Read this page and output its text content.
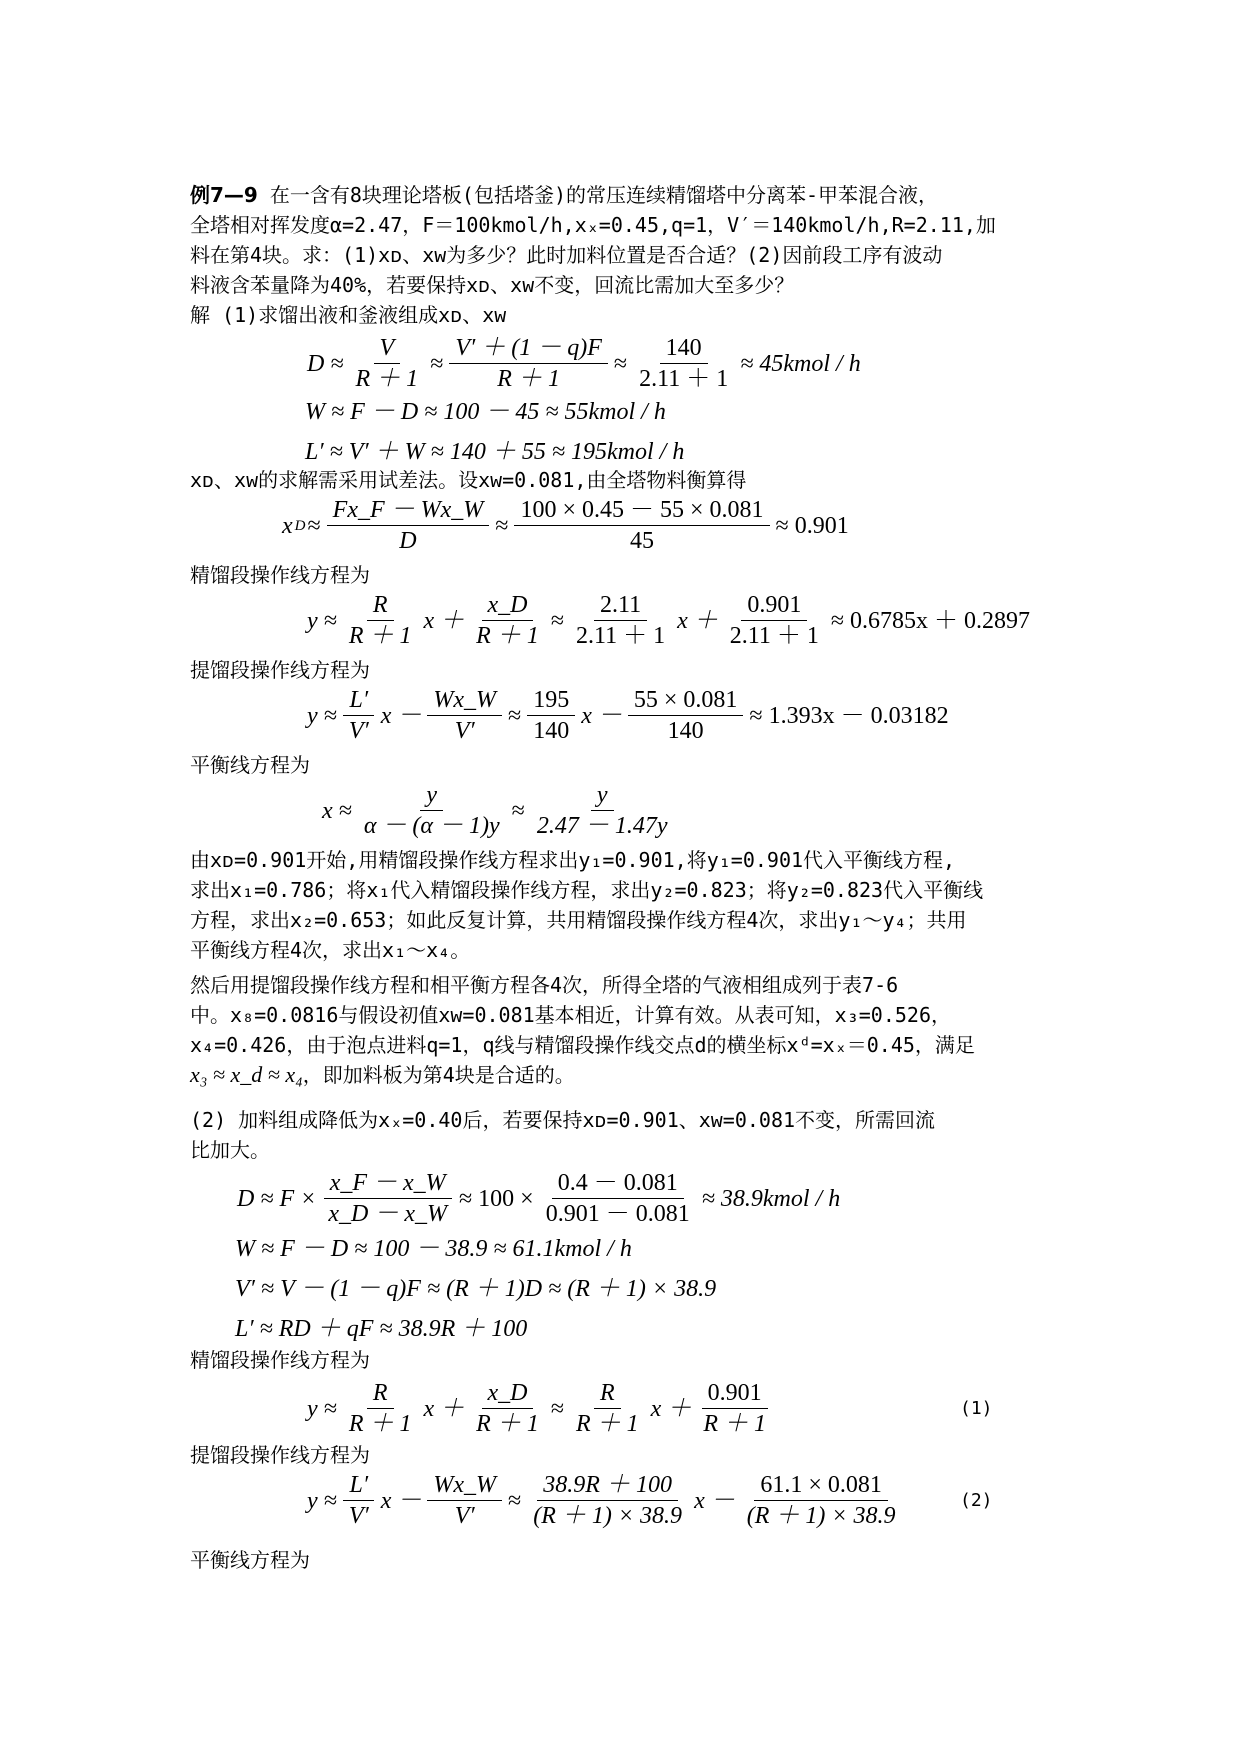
例7—9 在一含有8块理论塔板(包括塔釜)的常压连续精馏塔中分离苯-甲苯混合液，
全塔相对挥发度α=2.47，F＝100kmol/h,xₓ=0.45,q=1，V′＝140kmol/h,R=2.11,加
料在第4块。求：(1)xᴅ、xᴡ为多少？此时加料位置是否合适？(2)因前段工序有波动
料液含苯量降为40%，若要保持xᴅ、xᴡ不变，回流比需加大至多少？
解 (1)求馏出液和釜液组成xᴅ、xᴡ
$D \approx \frac{V}{R + 1} \approx \frac{V' + (1 - q)F}{R + 1} \approx \frac{140}{2.11 + 1}$ ≈ 45kmol / h
W ≈ F － D ≈ 100 － 45 ≈ 55kmol / h
L′ ≈ V′ ＋ W ≈ 140 ＋ 55 ≈ 195kmol / h
xᴅ、xᴡ的求解需采用试差法。设xᴡ=0.081,由全塔物料衡算得
x $D \approx \frac{Fx\_F - Wx\_W}{D} \approx \frac{100 \times 0.45 - 55 \times 0.081}{45} \approx 0.901$
精馏段操作线方程为
$y \approx \frac{R}{R + 1}$ $x + \frac{x\_D}{R + 1} \approx \frac{2.11}{2.11 + 1}$ $x + \frac{0.901}{2.11 + 1} \approx 0.6785x + 0.2897$
提馏段操作线方程为
$y \approx \frac{L'}{V'}$ $x - \frac{Wx\_W}{V'} \approx \frac{195}{140}$ $x - \frac{55 \times 0.081}{140} \approx 1.393x - 0.03182$
平衡线方程为
$x \approx \frac{y}{\alpha - (\alpha - 1)y} \approx \frac{y}{2.47 - 1.47y}$
由xᴅ=0.901开始,用精馏段操作线方程求出y₁=0.901,将y₁=0.901代入平衡线方程,
求出x₁=0.786；将x₁代入精馏段操作线方程，求出y₂=0.823；将y₂=0.823代入平衡线
方程，求出x₂=0.653；如此反复计算，共用精馏段操作线方程4次，求出y₁～y₄；共用
平衡线方程4次，求出x₁～x₄。
然后用提馏段操作线方程和相平衡方程各4次，所得全塔的气液相组成列于表7-6
中。x₈=0.0816与假设初值xᴡ=0.081基本相近，计算有效。从表可知，x₃=0.526，
x₄=0.426，由于泡点进料q=1，q线与精馏段操作线交点d的横坐标xᵈ=xₓ＝0.45，满足
x₃ ≈ x_d ≈ x₄，即加料板为第4块是合适的。
(2) 加料组成降低为xₓ=0.40后，若要保持xᴅ=0.901、xᴡ=0.081不变，所需回流
比加大。
$D \approx F \times \frac{x\_F - x\_W}{x\_D - x\_W} \approx 100 \times \frac{0.4 - 0.081}{0.901 - 0.081}$ ≈ 38.9kmol / h
W ≈ F － D ≈ 100 － 38.9 ≈ 61.1kmol / h
V′ ≈ V － (1 － q)F ≈ (R ＋ 1)D ≈ (R ＋ 1) × 38.9
L′ ≈ RD ＋ qF ≈ 38.9R ＋ 100
精馏段操作线方程为
$y \approx \frac{R}{R + 1}$ $x + \frac{x\_D}{R + 1} \approx \frac{R}{R + 1}$ $x + \frac{0.901}{R + 1}$	(1)
提馏段操作线方程为
$y \approx \frac{L'}{V'}$ $x - \frac{Wx\_W}{V'} \approx \frac{38.9R + 100}{(R + 1) \times 38.9}$ $x - \frac{61.1 \times 0.081}{(R + 1) \times 38.9}$	(2)
平衡线方程为
